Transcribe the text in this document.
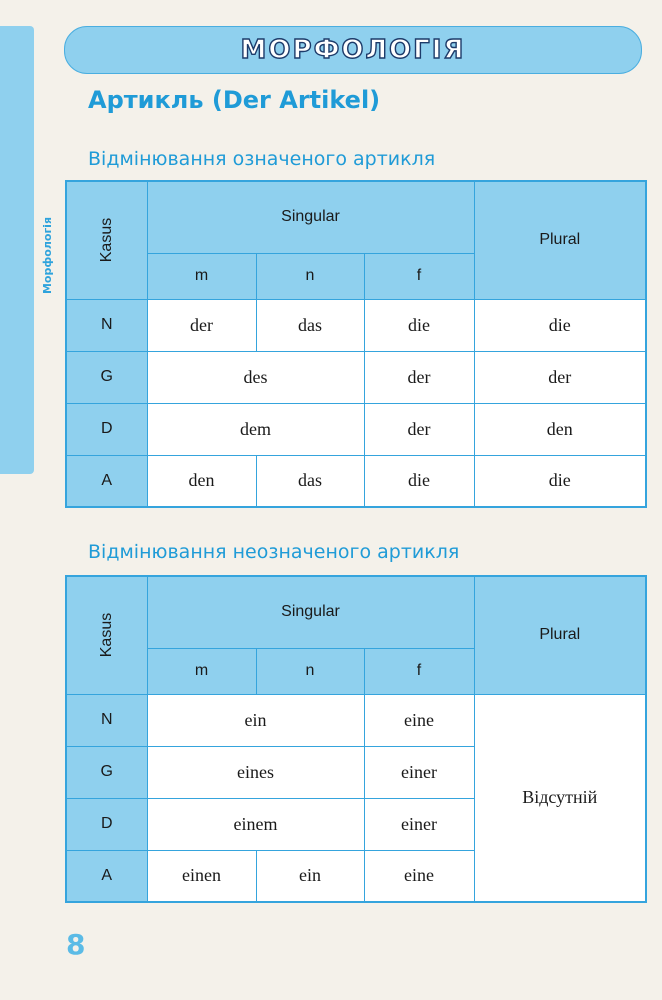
Морфологія
МОРФОЛОГІЯ
Артикль (Der Artikel)
Відмінювання означеного артикля
Kasus	Singular			Plural
	m	n	f	
N	der	das	die	die
G	des		der	der
D	dem		der	den
A	den	das	die	die
Відмінювання неозначеного артикля
Kasus	Singular			Plural
	m	n	f	
N	ein		eine	Відсутній
G	eines		einer	
D	einem		einer	
A	einen	ein	eine	
8
